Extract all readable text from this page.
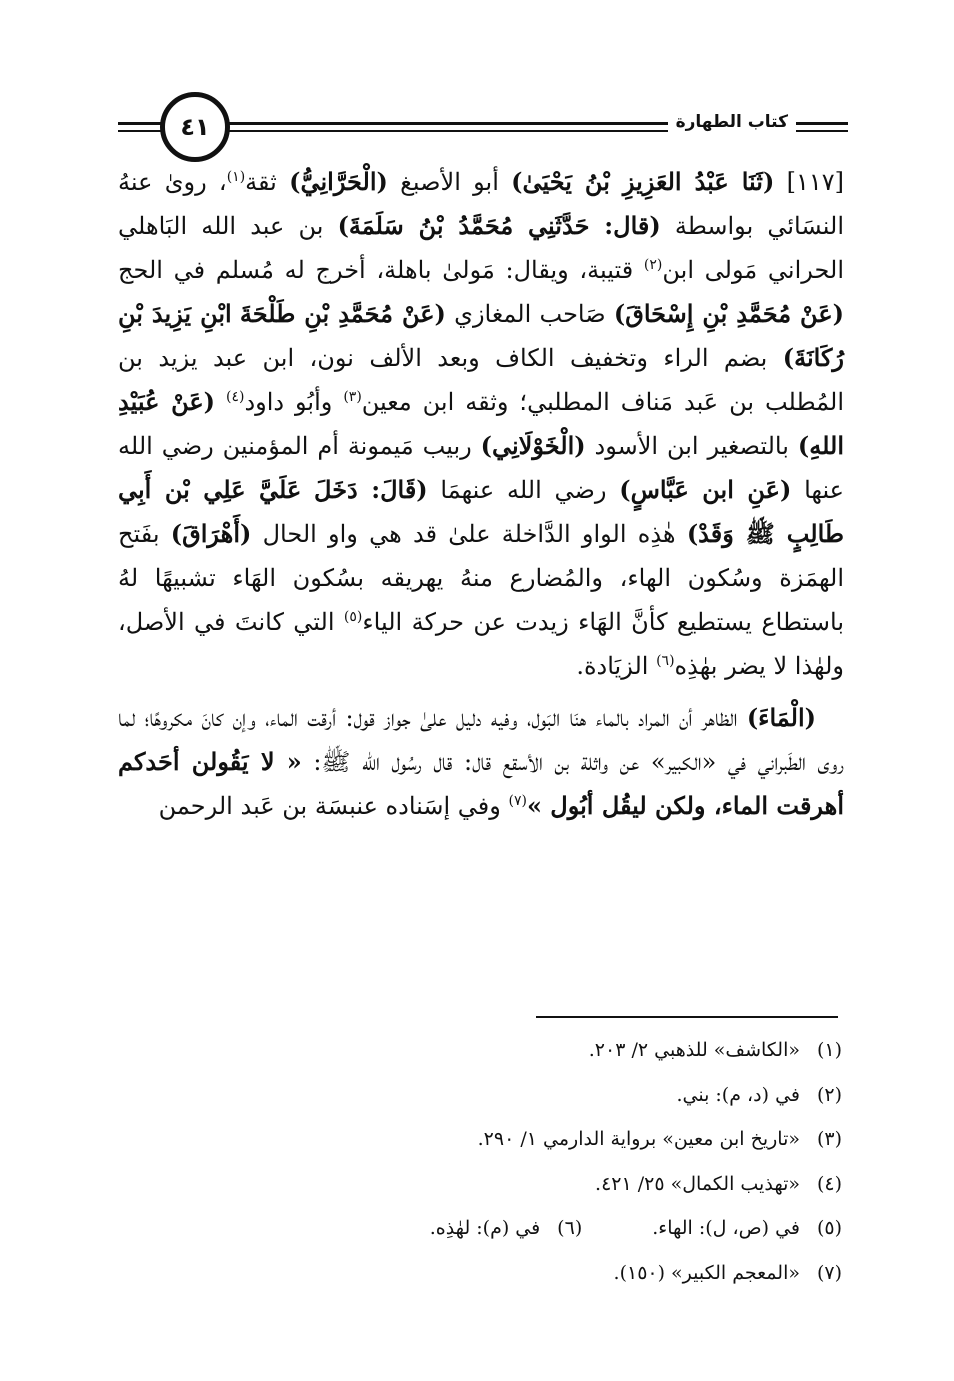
٤١	كتاب الطهارة

[١١٧] (ثَنَا عَبْدُ العَزِيزِ بْنُ يَحْيَىٰ) أبو الأصبغ (الْحَرَّانِيُّ) ثقة$^{(١)}$، روىٰ عنهُ النسَائي بواسطة (قال: حَدَّثَنِي مُحَمَّدُ بْنُ سَلَمَةَ) بن عبد الله البَاهلي الحراني مَولى ابن$^{(٢)}$ قتيبة، ويقال: مَولىٰ باهلة، أخرج له مُسلم في الحج (عَنْ مُحَمَّدِ بْنِ إِسْحَاقَ) صَاحب المغازي (عَنْ مُحَمَّدِ بْنِ طَلْحَةَ ابْنِ يَزِيدَ بْنِ رُكَانَةَ) بضم الراء وتخفيف الكاف وبعد الألف نون، ابن عبد يزيد بن المُطلب بن عَبد مَناف المطلبي؛ وثقه ابن معين$^{(٣)}$ وأبُو داود$^{(٤)}$ (عَنْ عُبَيْدِ اللهِ) بالتصغير ابن الأسود (الْخَوْلَانِي) ربيب مَيمونة أم المؤمنين رضي الله عنها (عَنِ ابن عَبَّاسٍ) رضي الله عنهمَا (قَالَ: دَخَلَ عَلَيَّ عَلِي بْن أَبِي طَالِبٍ ﷺ وَقَدْ) هٰذِه الواو الدَّاخلة علىٰ قد هي واو الحال (أَهْرَاقَ) بفَتح الهمَزة وسُكون الهاء، والمُضارع منهُ يهريقه بسُكون الهَاء تشبيهًا لهُ باستطاع يستطيع كأنَّ الهَاء زيدت عن حركة الياء$^{(٥)}$ التي كانتَ في الأصل، ولهٰذا لا يضر بهٰذِه$^{(٦)}$ الزيَادة.

(الْمَاءَ) الظاهر أن المراد بالماء هنَا البَول، وفيه دليل علىٰ جواز قول: أرقت الماء، وإن كانَ مكروهًا؛ لما روى الطَبراني في «الكبير» عن واثلة بن الأسقع قال: قال رسُول الله ﷺ: « لا يَقُولن أحَدكم أهرقت الماء، ولكن ليقُل أبُول »$^{(٧)}$ وفي إسَناده عنبسَة بن عَبد الرحمن

(١)«الكاشف» للذهبي ٢/ ٢٠٣.
(٢)في (د، م): بني.
(٣)«تاريخ ابن معين» برواية الدارمي ١/ ٢٩٠.
(٤)«تهذيب الكمال» ٢٥/ ٤٢١.
(٥)في (ص، ل): الهاء.(٦)في (م): لهٰذِه.
(٧)«المعجم الكبير» (١٥٠).
